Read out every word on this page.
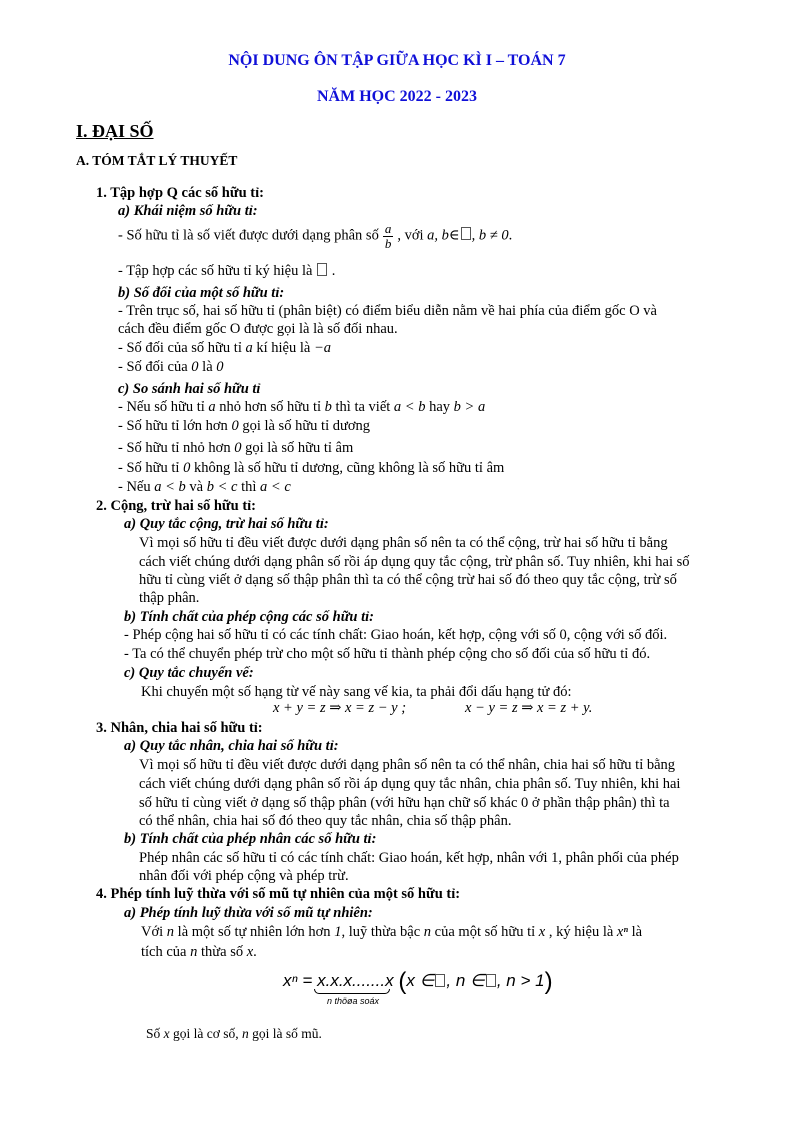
NỘI DUNG ÔN TẬP GIỮA HỌC KÌ I – TOÁN 7
NĂM HỌC 2022 - 2023
I. ĐẠI SỐ
A. TÓM TẮT LÝ THUYẾT
1. Tập hợp Q các số hữu tỉ:
a) Khái niệm số hữu tỉ:
- Số hữu tỉ là số viết được dưới dạng phân số $\frac{a}{b}$ , với a, b∈ , b ≠ 0.
- Tập hợp các số hữu tỉ ký hiệu là .
b) Số đối của một số hữu tỉ:
- Trên trục số, hai số hữu tỉ (phân biệt) có điểm biểu diễn nằm về hai phía của điểm gốc O và
cách đều điểm gốc O được gọi là là số đối nhau.
- Số đối của số hữu tỉ a kí hiệu là −a
- Số đối của 0 là 0
c) So sánh hai số hữu tỉ
- Nếu số hữu tỉ a nhỏ hơn số hữu tỉ b thì ta viết a < b hay b > a
- Số hữu tỉ lớn hơn 0 gọi là số hữu tỉ dương
- Số hữu tỉ nhỏ hơn 0 gọi là số hữu tỉ âm
- Số hữu tỉ 0 không là số hữu tỉ dương, cũng không là số hữu tỉ âm
- Nếu a < b và b < c thì a < c
2. Cộng, trừ hai số hữu tỉ:
a) Quy tắc cộng, trừ hai số hữu tỉ:
Vì mọi số hữu tỉ đều viết được dưới dạng phân số nên ta có thể cộng, trừ hai số hữu tỉ bằng
cách viết chúng dưới dạng phân số rồi áp dụng quy tắc cộng, trừ phân số. Tuy nhiên, khi hai số
hữu tỉ cùng viết ở dạng số thập phân thì ta có thể cộng trừ hai số đó theo quy tắc cộng, trừ số
thập phân.
b) Tính chất của phép cộng các số hữu tỉ:
- Phép cộng hai số hữu tỉ có các tính chất: Giao hoán, kết hợp, cộng với số 0, cộng với số đối.
- Ta có thể chuyển phép trừ cho một số hữu tỉ thành phép cộng cho số đối của số hữu tỉ đó.
c) Quy tắc chuyển vế:
Khi chuyển một số hạng từ vế này sang vế kia, ta phải đổi dấu hạng tử đó:
x + y = z ⇒ x = z − y ;	x − y = z ⇒ x = z + y.
3. Nhân, chia hai số hữu tỉ:
a) Quy tắc nhân, chia hai số hữu tỉ:
Vì mọi số hữu tỉ đều viết được dưới dạng phân số nên ta có thể nhân, chia hai số hữu tỉ bằng
cách viết chúng dưới dạng phân số rồi áp dụng quy tắc nhân, chia phân số. Tuy nhiên, khi hai
số hữu tỉ cùng viết ở dạng số thập phân (với hữu hạn chữ số khác 0 ở phần thập phân) thì ta
có thể nhân, chia hai số đó theo quy tắc nhân, chia số thập phân.
b) Tính chất của phép nhân các số hữu tỉ:
Phép nhân các số hữu tỉ có các tính chất: Giao hoán, kết hợp, nhân với 1, phân phối của phép
nhân đối với phép cộng và phép trừ.
4. Phép tính luỹ thừa với số mũ tự nhiên của một số hữu tỉ:
a) Phép tính luỹ thừa với số mũ tự nhiên:
Với n là một số tự nhiên lớn hơn 1, luỹ thừa bậc n của một số hữu tỉ x , ký hiệu là xⁿ là
tích của n thừa số x.
xⁿ = x.x.x.......x (x ∈ , n ∈ , n > 1)
n thöøa soáx
Số x gọi là cơ số, n gọi là số mũ.
